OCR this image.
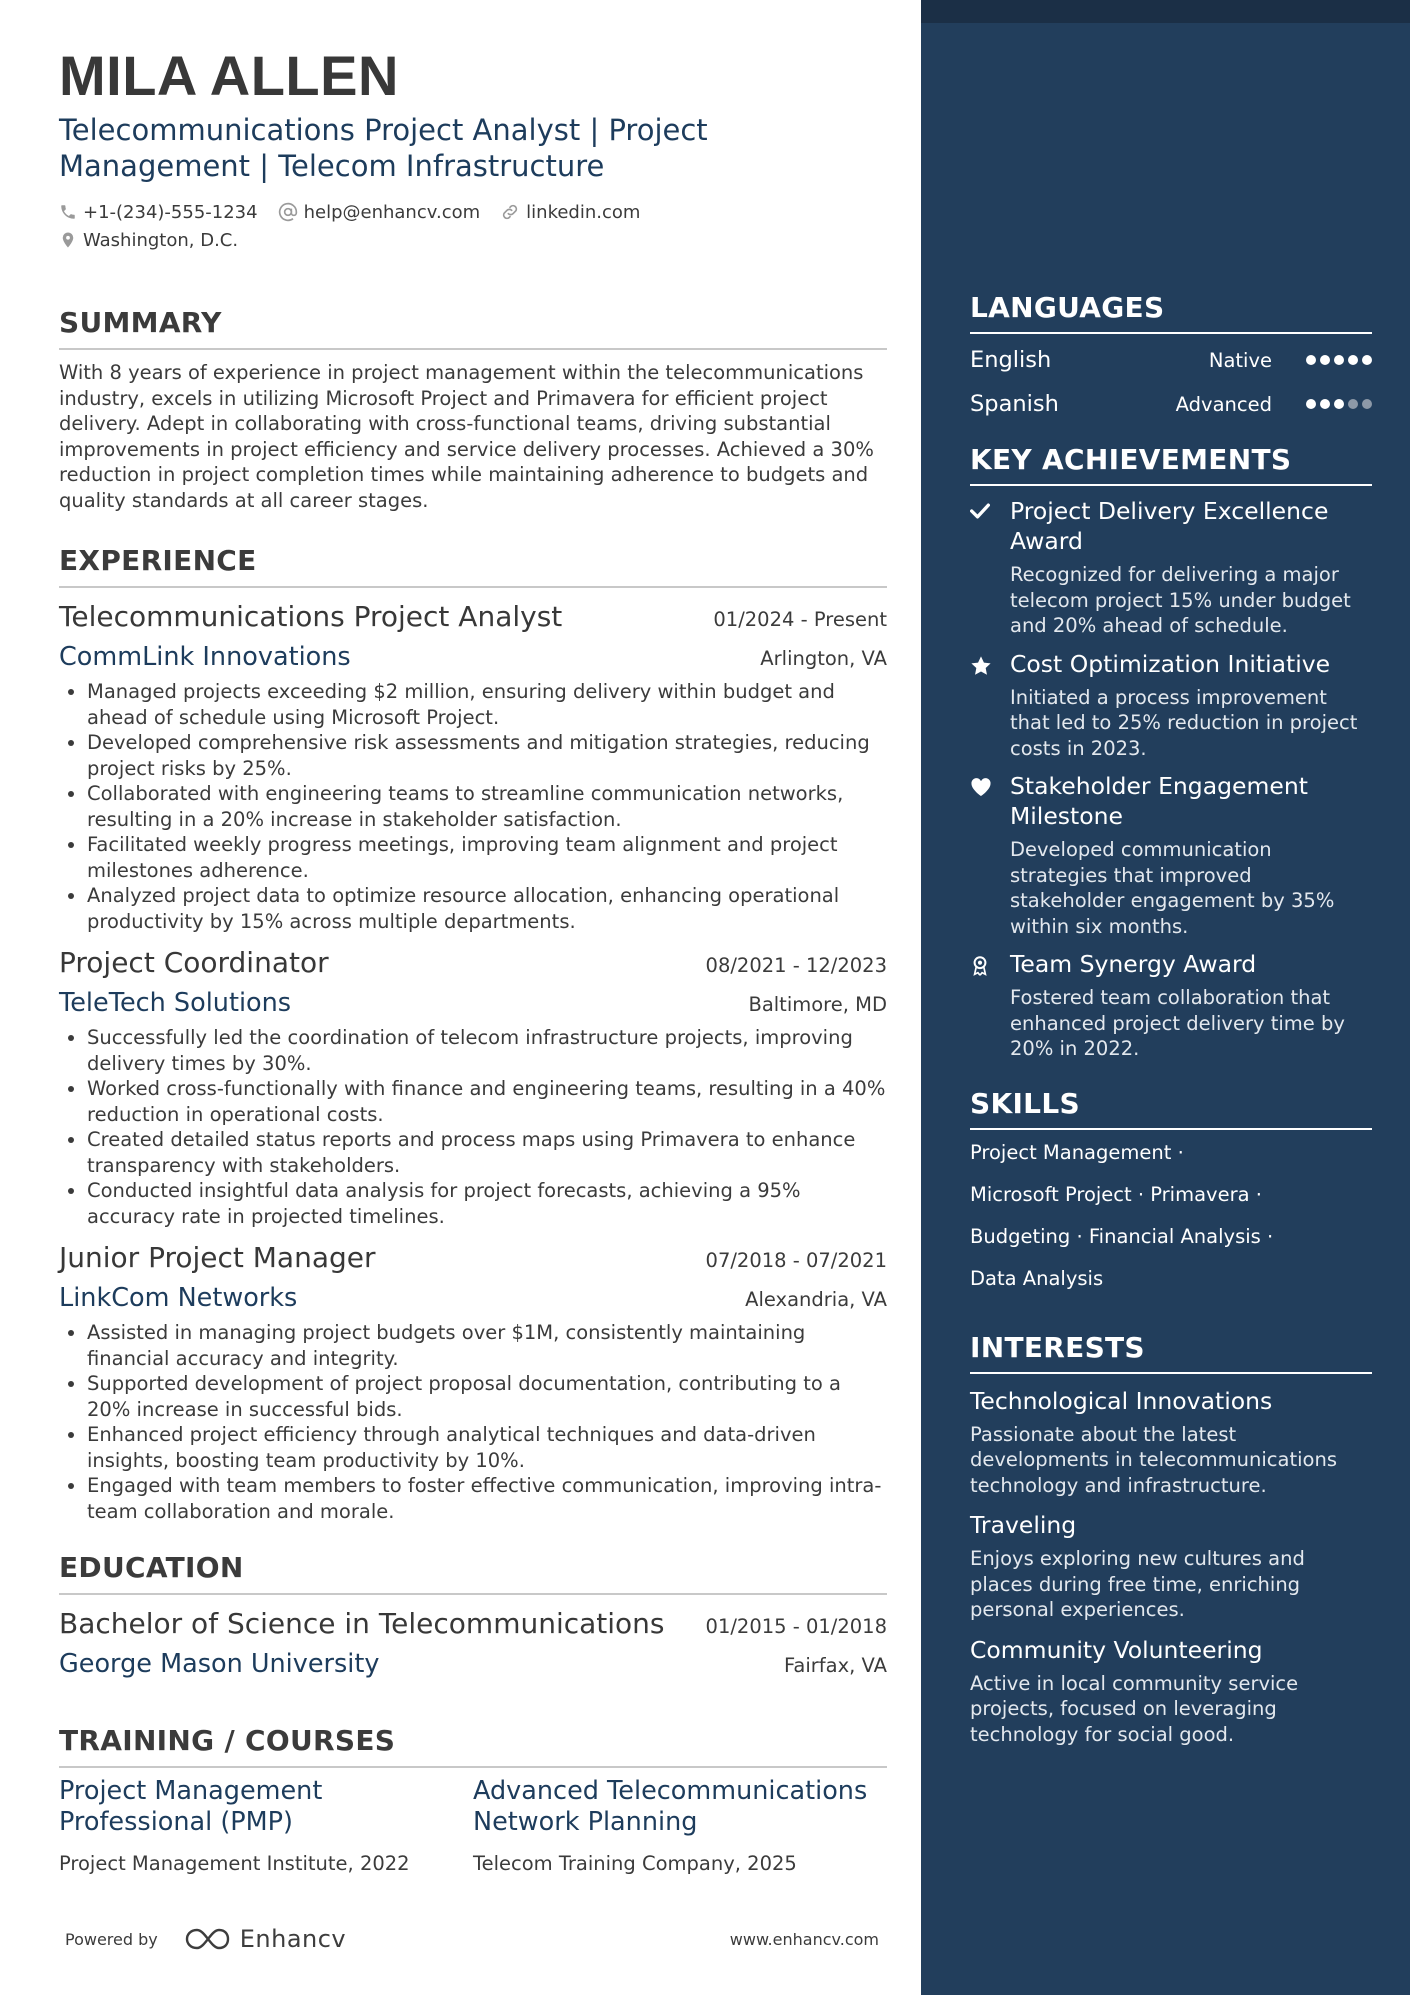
MILA ALLEN
Telecommunications Project Analyst | Project Management | Telecom Infrastructure
+1-(234)-555-1234	help@enhancv.com	linkedin.com
Washington, D.C.
SUMMARY
With 8 years of experience in project management within the telecommunications industry, excels in utilizing Microsoft Project and Primavera for efficient project delivery. Adept in collaborating with cross-functional teams, driving substantial improvements in project efficiency and service delivery processes. Achieved a 30% reduction in project completion times while maintaining adherence to budgets and quality standards at all career stages.
EXPERIENCE
Telecommunications Project Analyst	01/2024 - Present
CommLink Innovations	Arlington, VA
• Managed projects exceeding $2 million, ensuring delivery within budget and ahead of schedule using Microsoft Project.
• Developed comprehensive risk assessments and mitigation strategies, reducing project risks by 25%.
• Collaborated with engineering teams to streamline communication networks, resulting in a 20% increase in stakeholder satisfaction.
• Facilitated weekly progress meetings, improving team alignment and project milestones adherence.
• Analyzed project data to optimize resource allocation, enhancing operational productivity by 15% across multiple departments.
Project Coordinator	08/2021 - 12/2023
TeleTech Solutions	Baltimore, MD
• Successfully led the coordination of telecom infrastructure projects, improving delivery times by 30%.
• Worked cross-functionally with finance and engineering teams, resulting in a 40% reduction in operational costs.
• Created detailed status reports and process maps using Primavera to enhance transparency with stakeholders.
• Conducted insightful data analysis for project forecasts, achieving a 95% accuracy rate in projected timelines.
Junior Project Manager	07/2018 - 07/2021
LinkCom Networks	Alexandria, VA
• Assisted in managing project budgets over $1M, consistently maintaining financial accuracy and integrity.
• Supported development of project proposal documentation, contributing to a 20% increase in successful bids.
• Enhanced project efficiency through analytical techniques and data-driven insights, boosting team productivity by 10%.
• Engaged with team members to foster effective communication, improving intra-team collaboration and morale.
EDUCATION
Bachelor of Science in Telecommunications 01/2015 - 01/2018
George Mason University	Fairfax, VA
TRAINING / COURSES
Project Management Professional (PMP)
Project Management Institute, 2022
Advanced Telecommunications Network Planning
Telecom Training Company, 2025
Powered by	Enhancv	www.enhancv.com
LANGUAGES
English	Native
Spanish	Advanced
KEY ACHIEVEMENTS
Project Delivery Excellence Award
Recognized for delivering a major telecom project 15% under budget and 20% ahead of schedule.
Cost Optimization Initiative
Initiated a process improvement that led to 25% reduction in project costs in 2023.
Stakeholder Engagement Milestone
Developed communication strategies that improved stakeholder engagement by 35% within six months.
Team Synergy Award
Fostered team collaboration that enhanced project delivery time by 20% in 2022.
SKILLS
Project Management ·
Microsoft Project · Primavera ·
Budgeting · Financial Analysis ·
Data Analysis
INTERESTS
Technological Innovations
Passionate about the latest developments in telecommunications technology and infrastructure.
Traveling
Enjoys exploring new cultures and places during free time, enriching personal experiences.
Community Volunteering
Active in local community service projects, focused on leveraging technology for social good.
